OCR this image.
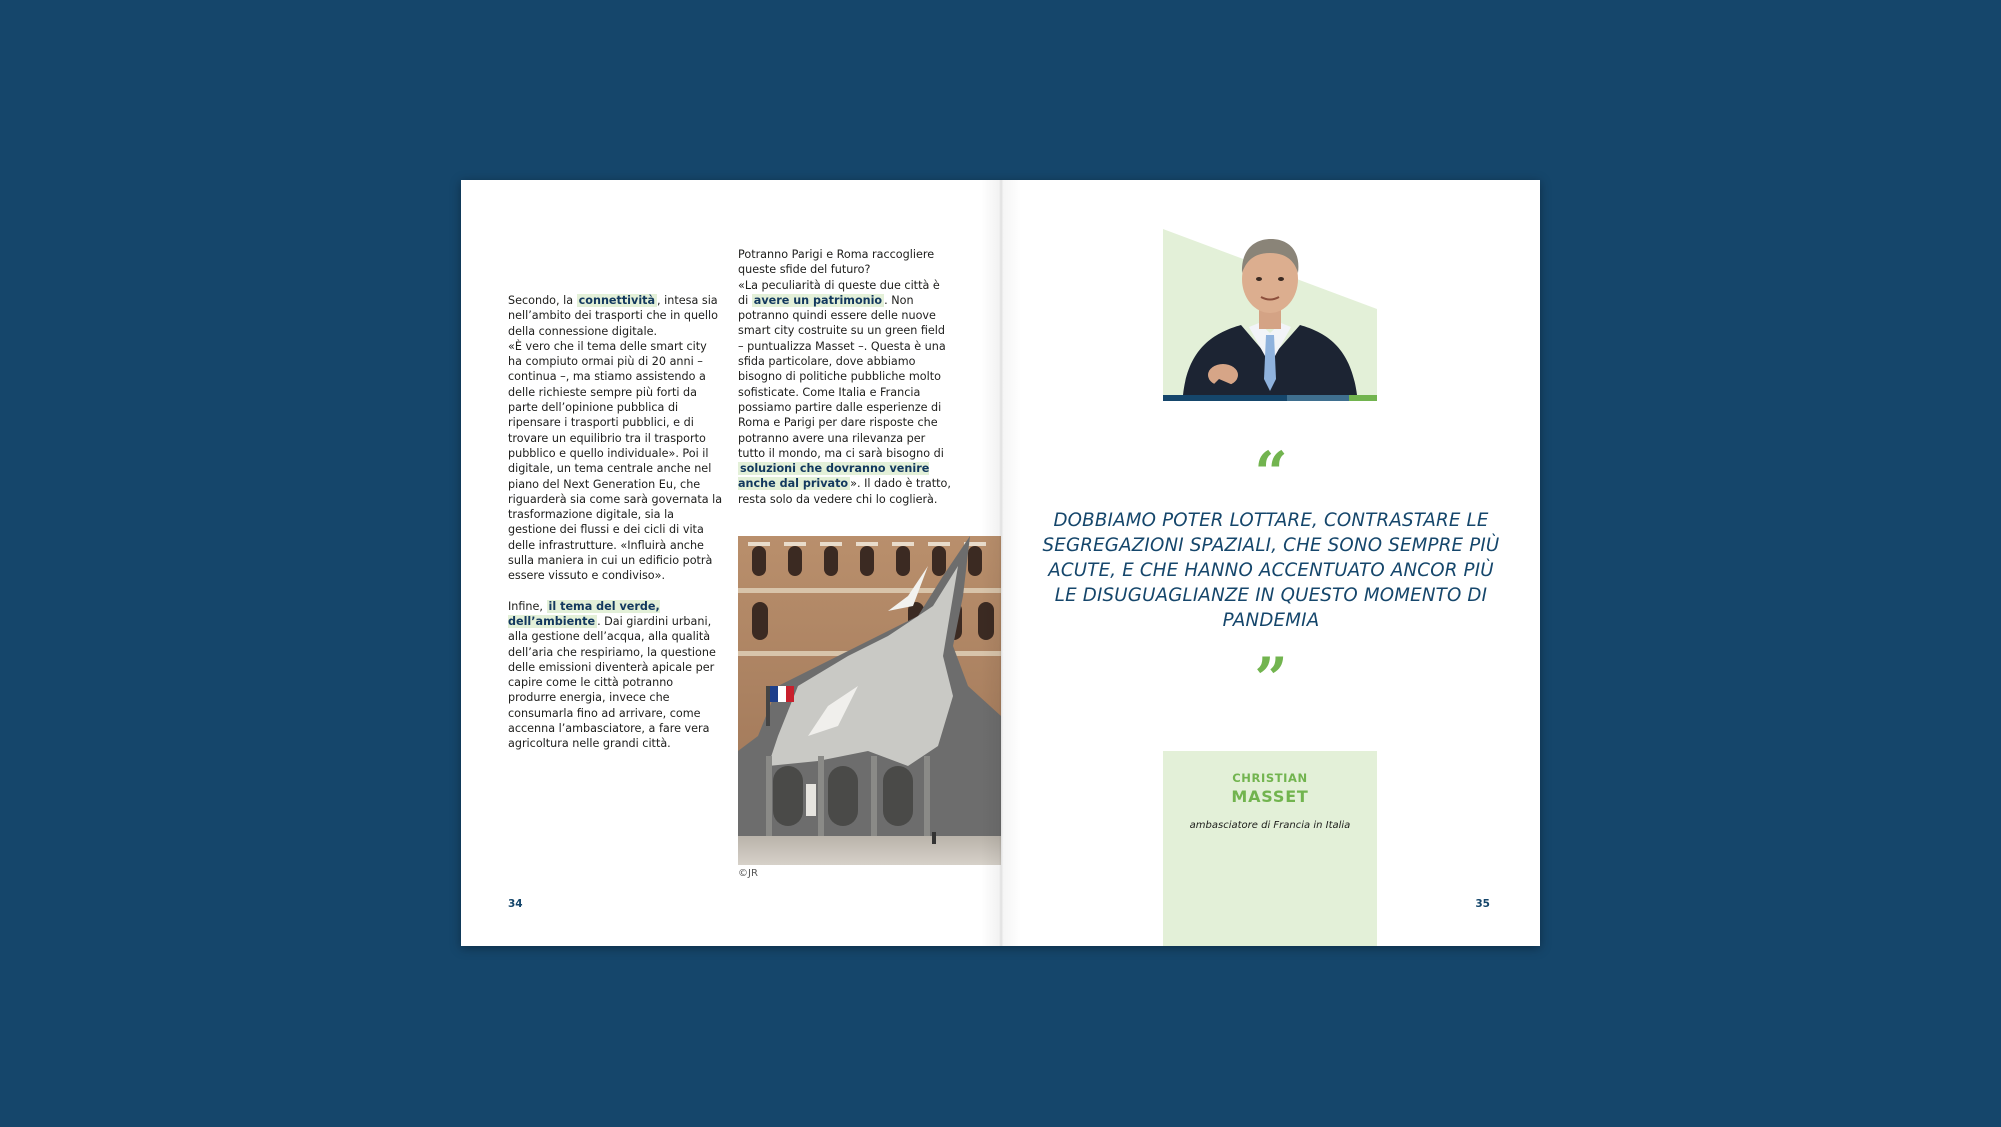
Secondo, la connettività , intesa sia nell’ambito dei trasporti che in quello della connessione digitale.

«È vero che il tema delle smart city ha compiuto ormai più di 20 anni – continua –, ma stiamo assistendo a delle richieste sempre più forti da parte dell’opinione pubblica di ripensare i trasporti pubblici, e di trovare un equilibrio tra il trasporto pubblico e quello individuale». Poi il digitale, un tema centrale anche nel piano del Next Generation Eu, che riguarderà sia come sarà governata la trasformazione digitale, sia la gestione dei flussi e dei cicli di vita delle infrastrutture. «Influirà anche sulla maniera in cui un edificio potrà essere vissuto e condiviso».

Infine, il tema del verde, dell’ambiente . Dai giardini urbani, alla gestione dell’acqua, alla qualità dell’aria che respiriamo, la questione delle emissioni diventerà apicale per capire come le città potranno produrre energia, invece che consumarla fino ad arrivare, come accenna l’ambasciatore, a fare vera agricoltura nelle grandi città.

Potranno Parigi e Roma raccogliere queste sfide del futuro?

«La peculiarità di queste due città è di avere un patrimonio . Non potranno quindi essere delle nuove smart city costruite su un green field – puntualizza Masset –. Questa è una sfida particolare, dove abbiamo bisogno di politiche pubbliche molto sofisticate. Come Italia e Francia possiamo partire dalle esperienze di Roma e Parigi per dare risposte che potranno avere una rilevanza per tutto il mondo, ma ci sarà bisogno di soluzioni che dovranno venire anche dal privato ». Il dado è tratto, resta solo da vedere chi lo coglierà.

©JR
34
“
DOBBIAMO POTER LOTTARE, CONTRASTARE LE SEGREGAZIONI SPAZIALI, CHE SONO SEMPRE PIÙ ACUTE, E CHE HANNO ACCENTUATO ANCOR PIÙ LE DISUGUAGLIANZE IN QUESTO MOMENTO DI PANDEMIA
”
CHRISTIAN
MASSET
ambasciatore di Francia in Italia
35
